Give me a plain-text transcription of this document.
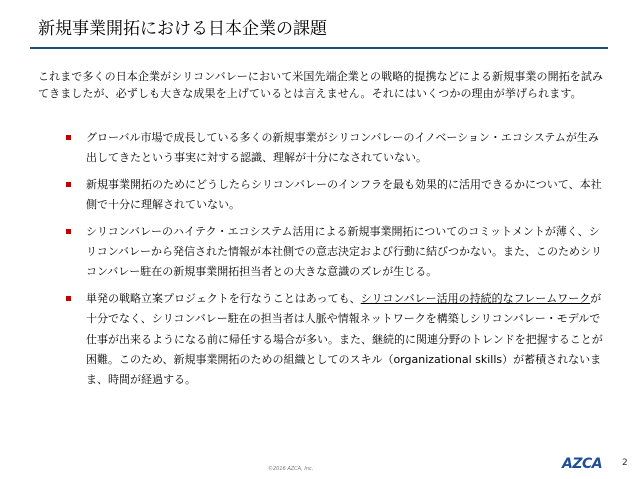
新規事業開拓における日本企業の課題
これまで多くの日本企業がシリコンバレーにおいて米国先端企業との戦略的提携などによる新規事業の開拓を試みてきましたが、必ずしも大きな成果を上げているとは言えません。それにはいくつかの理由が挙げられます。
グローバル市場で成長している多くの新規事業がシリコンバレーのイノベーション・エコシステムが生み出してきたという事実に対する認識、理解が十分になされていない。
新規事業開拓のためにどうしたらシリコンバレーのインフラを最も効果的に活用できるかについて、本社側で十分に理解されていない。
シリコンバレーのハイテク・エコシステム活用による新規事業開拓についてのコミットメントが薄く、シリコンバレーから発信された情報が本社側での意志決定および行動に結びつかない。また、このためシリコンバレー駐在の新規事業開拓担当者との大きな意識のズレが生じる。
単発の戦略立案プロジェクトを行なうことはあっても、シリコンバレー活用の持続的なフレームワークが十分でなく、シリコンバレー駐在の担当者は人脈や情報ネットワークを構築しシリコンバレー・モデルで仕事が出来るようになる前に帰任する場合が多い。また、継続的に関連分野のトレンドを把握することが困難。このため、新規事業開拓のための組織としてのスキル（organizational skills）が蓄積されないまま、時間が経過する。
©2016 AZCA, Inc.	AZCA 2
